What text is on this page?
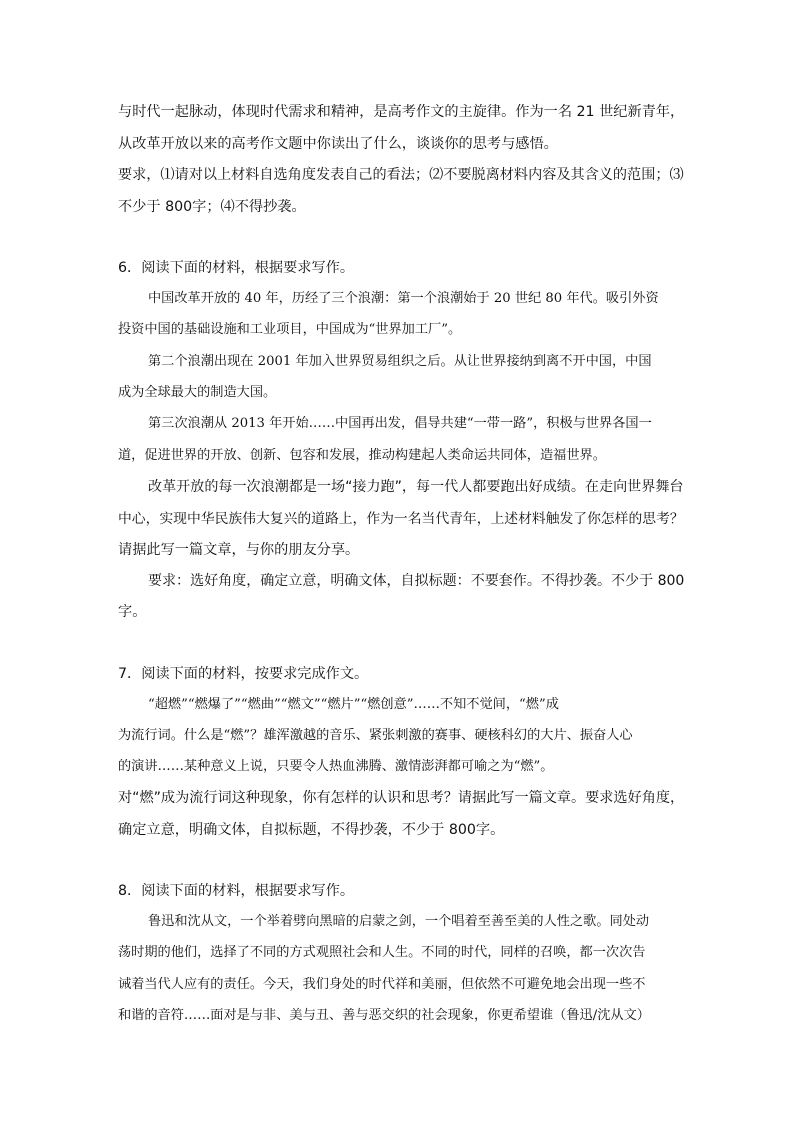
与时代一起脉动，体现时代需求和精神，是高考作文的主旋律。作为一名 21 世纪新青年，
从改革开放以来的高考作文题中你读出了什么，谈谈你的思考与感悟。
要求，⑴请对以上材料自选角度发表自己的看法；⑵不要脱离材料内容及其含义的范围；⑶
不少于 800字；⑷不得抄袭。
6．阅读下面的材料，根据要求写作。
中国改革开放的 40 年，历经了三个浪潮：第一个浪潮始于 20 世纪 80 年代。吸引外资
投资中国的基础设施和工业项目，中国成为“世界加工厂”。
第二个浪潮出现在 2001 年加入世界贸易组织之后。从让世界接纳到离不开中国，中国
成为全球最大的制造大国。
第三次浪潮从 2013 年开始……中国再出发，倡导共建“一带一路”，积极与世界各国一
道，促进世界的开放、创新、包容和发展，推动构建起人类命运共同体，造福世界。
改革开放的每一次浪潮都是一场“接力跑”，每一代人都要跑出好成绩。在走向世界舞台
中心，实现中华民族伟大复兴的道路上，作为一名当代青年，上述材料触发了你怎样的思考？
请据此写一篇文章，与你的朋友分享。
要求：选好角度，确定立意，明确文体，自拟标题：不要套作。不得抄袭。不少于 800
字。
7．阅读下面的材料，按要求完成作文。
“超燃”“燃爆了”“燃曲”“燃文”“燃片”“燃创意”……不知不觉间，“燃”成
为流行词。什么是“燃”？雄浑激越的音乐、紧张刺激的赛事、硬核科幻的大片、振奋人心
的演讲……某种意义上说，只要令人热血沸腾、激情澎湃都可喻之为“燃”。
对“燃”成为流行词这种现象，你有怎样的认识和思考？请据此写一篇文章。要求选好角度，
确定立意，明确文体，自拟标题，不得抄袭，不少于 800字。
8．阅读下面的材料，根据要求写作。
鲁迅和沈从文，一个举着劈向黑暗的启蒙之剑，一个唱着至善至美的人性之歌。同处动
荡时期的他们，选择了不同的方式观照社会和人生。不同的时代，同样的召唤，都一次次告
诫着当代人应有的责任。今天，我们身处的时代祥和美丽，但依然不可避免地会出现一些不
和谐的音符……面对是与非、美与丑、善与恶交织的社会现象，你更希望谁（鲁迅/沈从文）
